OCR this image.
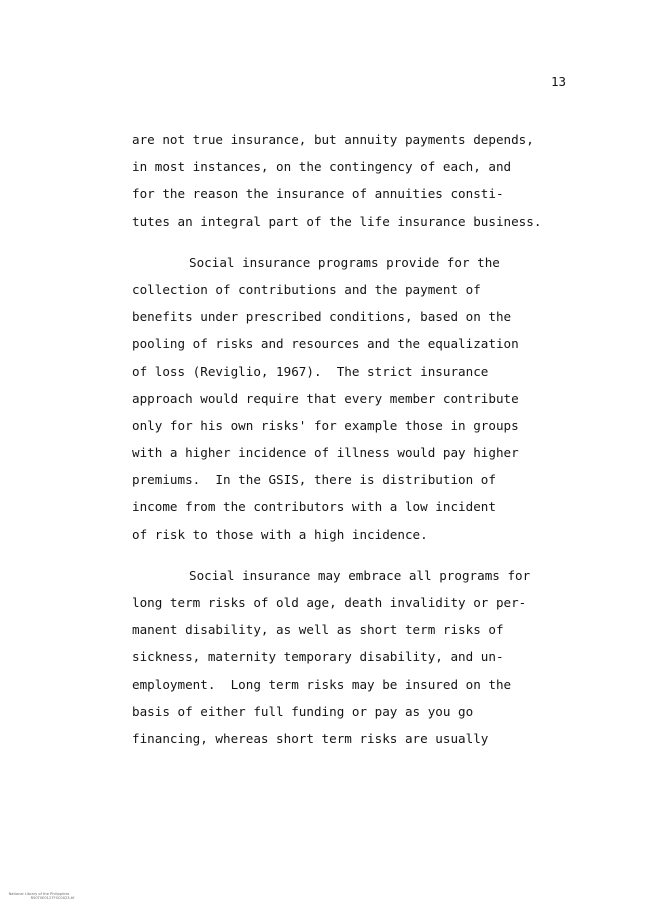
13
are not true insurance, but annuity payments depends,
in most instances, on the contingency of each, and
for the reason the insurance of annuities consti-
tutes an integral part of the life insurance business.
Social insurance programs provide for the
collection of contributions and the payment of
benefits under prescribed conditions, based on the
pooling of risks and resources and the equalization
of loss (Reviglio, 1967).  The strict insurance
approach would require that every member contribute
only for his own risks' for example those in groups
with a higher incidence of illness would pay higher
premiums.  In the GSIS, there is distribution of
income from the contributors with a low incident
of risk to those with a high incidence.
Social insurance may embrace all programs for
long term risks of old age, death invalidity or per-
manent disability, as well as short term risks of
sickness, maternity temporary disability, and un-
employment.  Long term risks may be insured on the
basis of either full funding or pay as you go
financing, whereas short term risks are usually

National Library of the Philippines
RS0T0E0127F0C0023.tif
